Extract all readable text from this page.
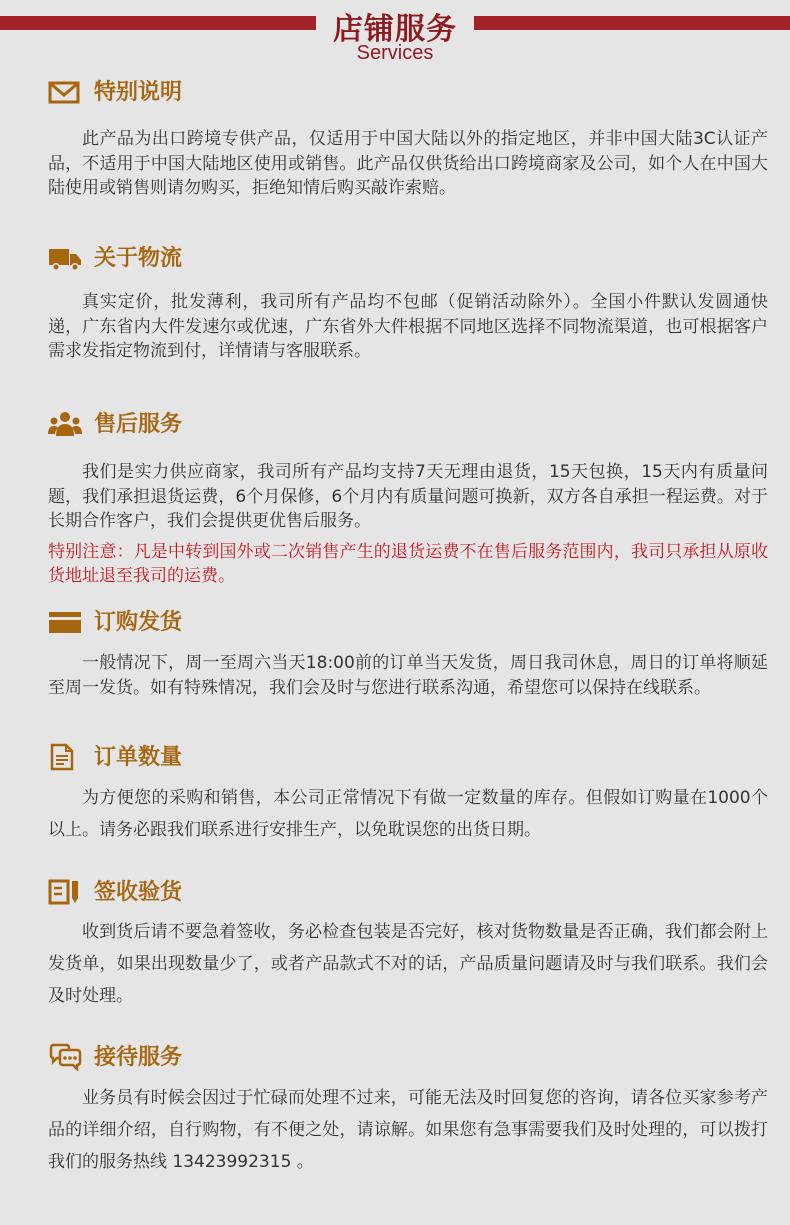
店铺服务
Services
特别说明

此产品为出口跨境专供产品，仅适用于中国大陆以外的指定地区，并非中国大陆3C认证产品，不适用于中国大陆地区使用或销售。此产品仅供货给出口跨境商家及公司，如个人在中国大陆使用或销售则请勿购买，拒绝知情后购买敲诈索赔。

关于物流

真实定价，批发薄利，我司所有产品均不包邮（促销活动除外）。全国小件默认发圆通快递，广东省内大件发速尔或优速，广东省外大件根据不同地区选择不同物流渠道，也可根据客户需求发指定物流到付，详情请与客服联系。

售后服务

我们是实力供应商家，我司所有产品均支持7天无理由退货，15天包换，15天内有质量问题，我们承担退货运费，6个月保修，6个月内有质量问题可换新，双方各自承担一程运费。对于长期合作客户，我们会提供更优售后服务。

特别注意：凡是中转到国外或二次销售产生的退货运费不在售后服务范围内，我司只承担从原收货地址退至我司的运费。

订购发货

一般情况下，周一至周六当天18:00前的订单当天发货，周日我司休息，周日的订单将顺延至周一发货。如有特殊情况，我们会及时与您进行联系沟通，希望您可以保持在线联系。

订单数量

为方便您的采购和销售，本公司正常情况下有做一定数量的库存。但假如订购量在1000个以上。请务必跟我们联系进行安排生产，以免耽误您的出货日期。

签收验货

收到货后请不要急着签收，务必检查包装是否完好，核对货物数量是否正确，我们都会附上发货单，如果出现数量少了，或者产品款式不对的话，产品质量问题请及时与我们联系。我们会及时处理。

接待服务

业务员有时候会因过于忙碌而处理不过来，可能无法及时回复您的咨询，请各位买家参考产品的详细介绍，自行购物，有不便之处，请谅解。如果您有急事需要我们及时处理的，可以拨打我们的服务热线 13423992315 。
